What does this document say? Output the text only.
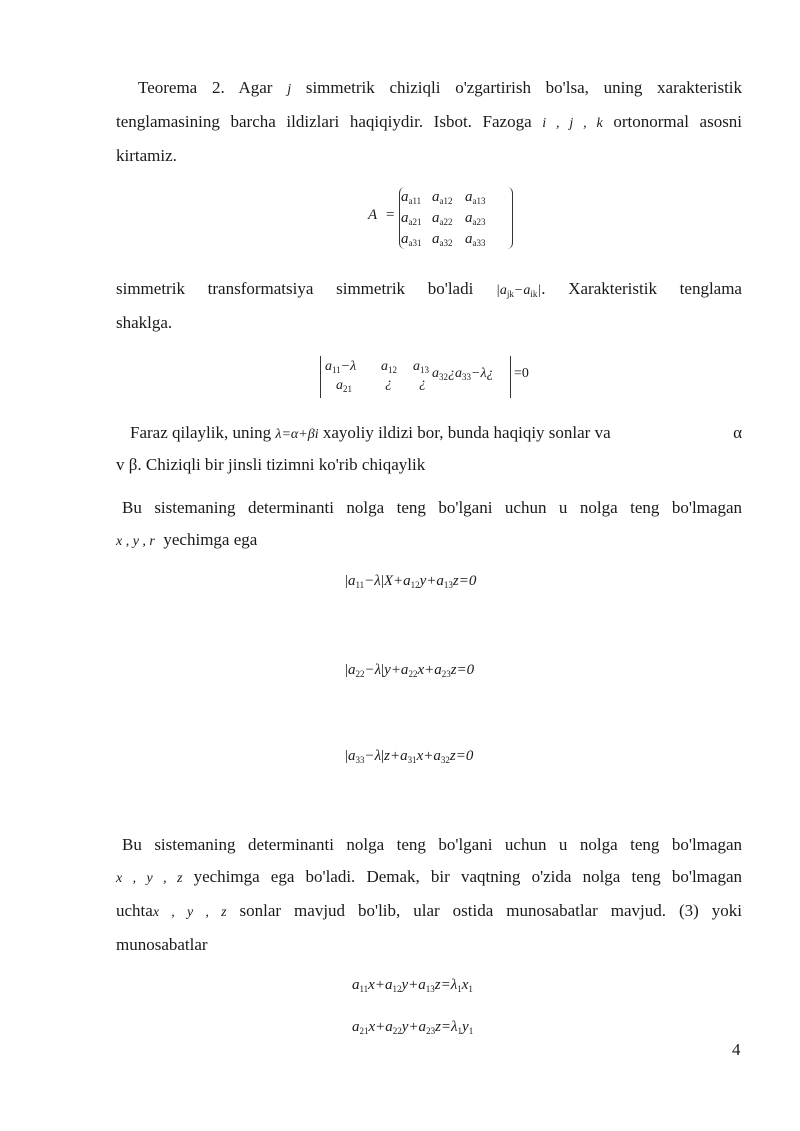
Teorema 2. Agar j simmetrik chiziqli o'zgartirish bo'lsa, uning xarakteristik
tenglamasining barcha ildizlari haqiqiydir. Isbot. Fazoga i , j , k ortonormal asosni
kirtamiz.
A =
$a_{a11}$ $a_{a12}$ $a_{a13}$
$a_{a21}$ $a_{a22}$ $a_{a23}$
$a_{a31}$ $a_{a32}$ $a_{a33}$
simmetrik transformatsiya simmetrik bo'ladi $|a_{jk}-a_{ik}|$. Xarakteristik tenglama
shaklga.
$a_{11}-\lambda$ $a_{12}$ $a_{13}$ $a_{32}¿a_{33}-\lambda¿$
$a_{21}$ ¿ ¿
=0
Faraz qilaylik, uning λ=α+βi xayoliy ildizi bor, bunda haqiqiy sonlar va	α
v β. Chiziqli bir jinsli tizimni ko'rib chiqaylik
Bu sistemaning determinanti nolga teng bo'lgani uchun u nolga teng bo'lmagan
x , y , r yechimga ega
$|a_{11}-\lambda|X+a_{12}y+a_{13}z=0$
$|a_{22}-\lambda|y+a_{22}x+a_{23}z=0$
$|a_{33}-\lambda|z+a_{31}x+a_{32}z=0$
Bu sistemaning determinanti nolga teng bo'lgani uchun u nolga teng bo'lmagan
x , y , z yechimga ega bo'ladi. Demak, bir vaqtning o'zida nolga teng bo'lmagan
uchtax , y , z sonlar mavjud bo'lib, ular ostida munosabatlar mavjud. (3) yoki
munosabatlar
$a_{11}x+a_{12}y+a_{13}z=\lambda_1x_1$
$a_{21}x+a_{22}y+a_{23}z=\lambda_1y_1$
4
